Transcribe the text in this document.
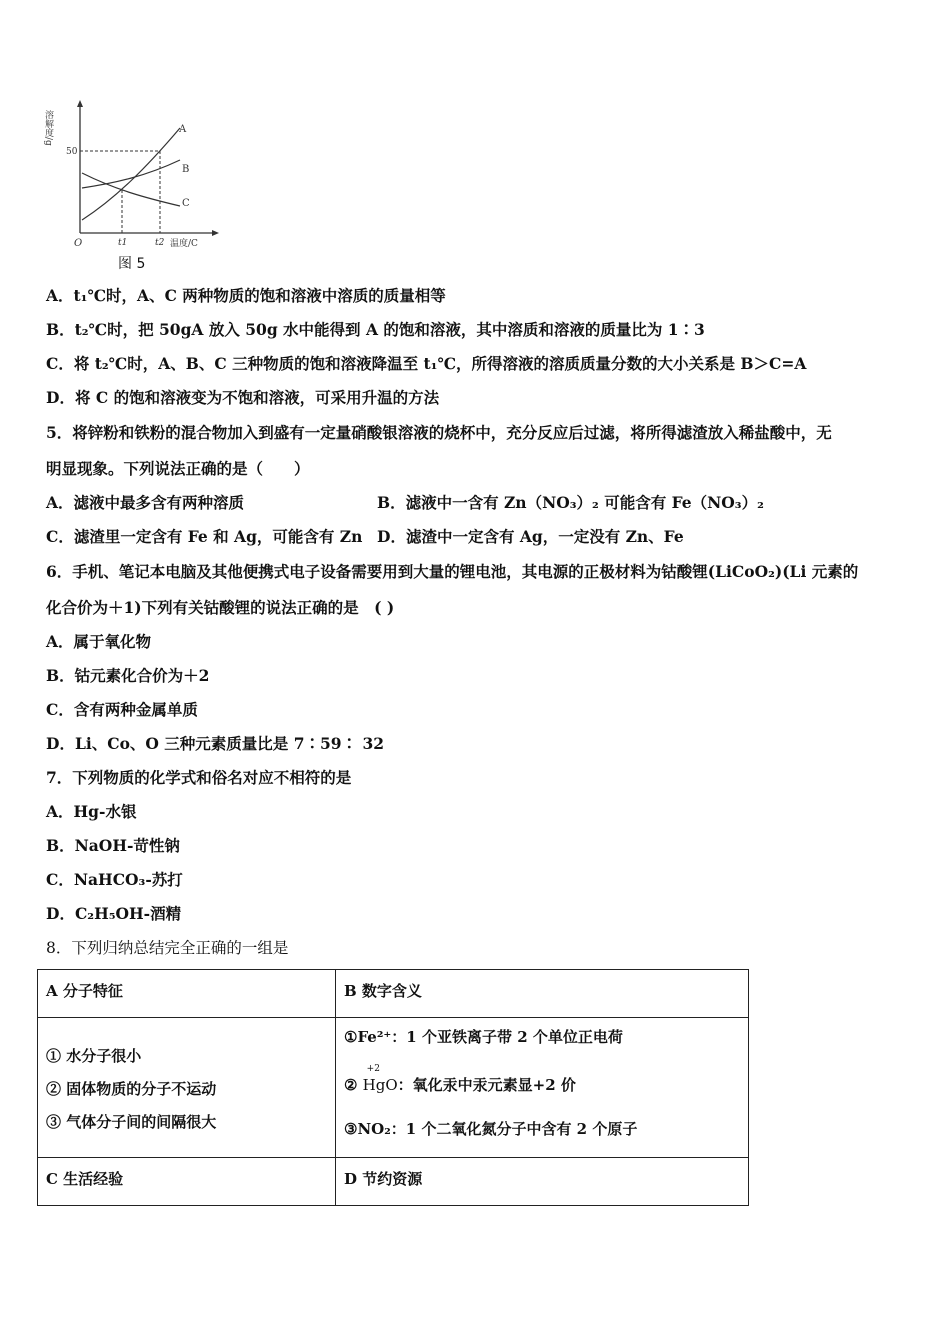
溶解度/g
50
A
B
C
O	t1	t2 温度/C
图 5
A．t₁℃时，A、C 两种物质的饱和溶液中溶质的质量相等
B．t₂℃时，把 50gA 放入 50g 水中能得到 A 的饱和溶液，其中溶质和溶液的质量比为 1∶3
C．将 t₂℃时，A、B、C 三种物质的饱和溶液降温至 t₁℃，所得溶液的溶质质量分数的大小关系是 B＞C=A
D．将 C 的饱和溶液变为不饱和溶液，可采用升温的方法
5．将锌粉和铁粉的混合物加入到盛有一定量硝酸银溶液的烧杯中，充分反应后过滤，将所得滤渣放入稀盐酸中，无
明显现象。下列说法正确的是（　　）
A．滤液中最多含有两种溶质	B．滤液中一含有 Zn（NO₃）₂ 可能含有 Fe（NO₃）₂
C．滤渣里一定含有 Fe 和 Ag，可能含有 Zn D．滤渣中一定含有 Ag，一定没有 Zn、Fe
6．手机、笔记本电脑及其他便携式电子设备需要用到大量的锂电池，其电源的正极材料为钴酸锂(LiCoO₂)(Li 元素的
化合价为＋1)下列有关钴酸锂的说法正确的是　( )
A．属于氧化物
B．钴元素化合价为＋2
C．含有两种金属单质
D．Li、Co、O 三种元素质量比是 7∶59∶ 32
7．下列物质的化学式和俗名对应不相符的是
A．Hg-水银
B．NaOH-苛性钠
C．NaHCO₃-苏打
D．C₂H₅OH-酒精
8．下列归纳总结完全正确的一组是
A 分子特征	B 数字含义

① 水分子很小
② 固体物质的分子不运动
③ 气体分子间的间隔很大	①Fe²⁺：1 个亚铁离子带 2 个单位正电荷
②
+2
HgO：氧化汞中汞元素显+2 价
③NO₂：1 个二氧化氮分子中含有 2 个原子

C 生活经验	D 节约资源
